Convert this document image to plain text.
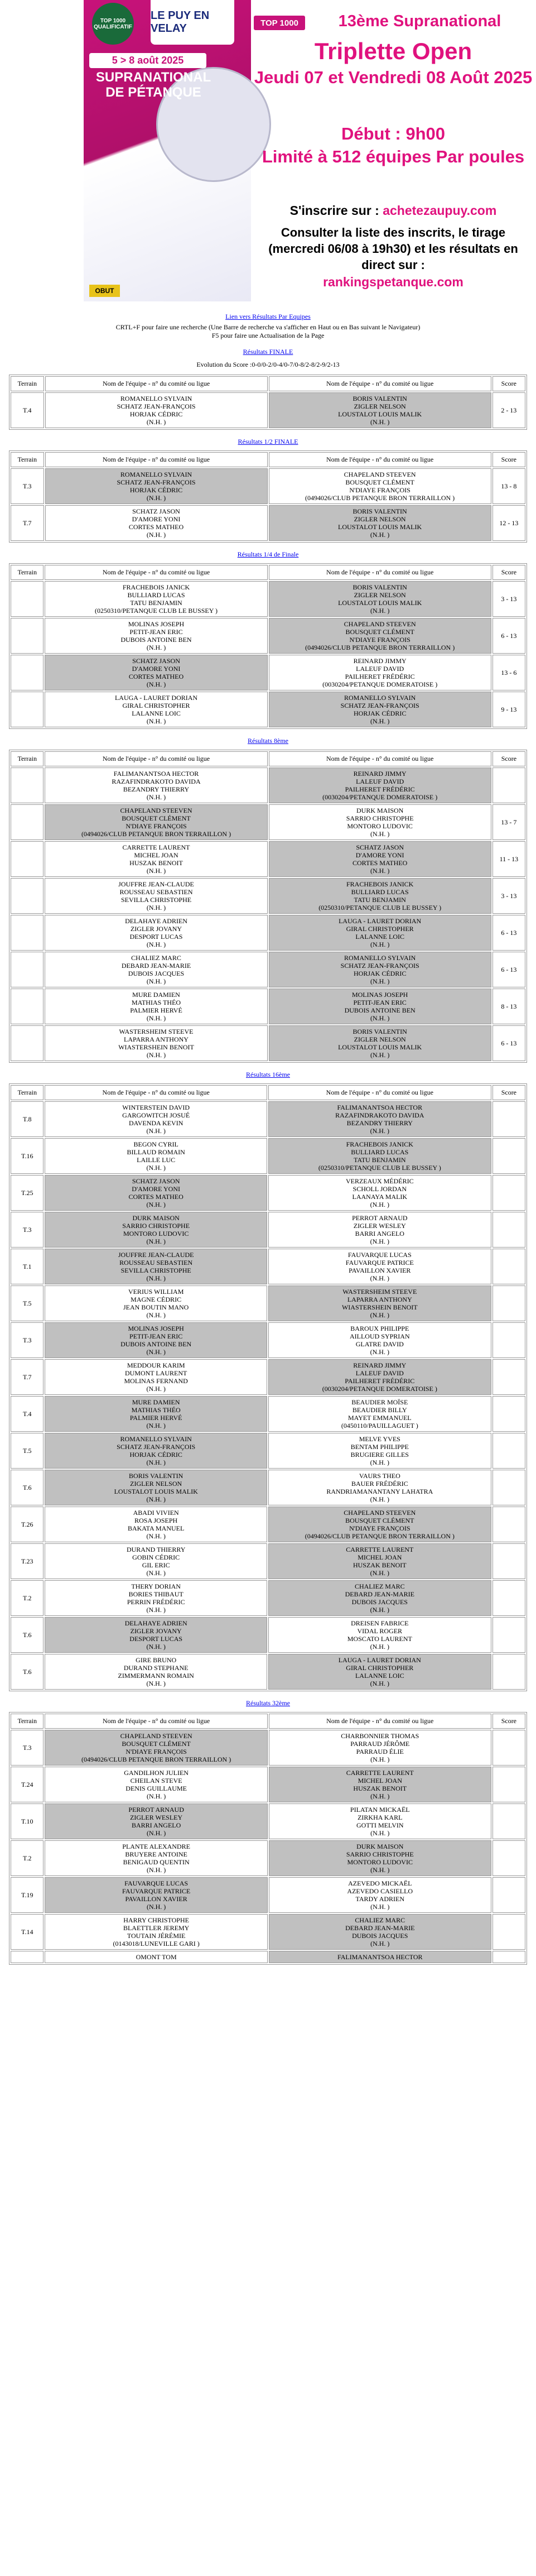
TOP 1000 QUALIFICATIF
LE PUY EN VELAY
5 > 8 août 2025
SUPRANATIONAL DE PÉTANQUE
OBUT
TOP 1000	13ème Supranational
Triplette Open
Jeudi 07 et Vendredi 08 Août 2025
Début : 9h00
Limité à 512 équipes Par poules
S'inscrire sur : achetezaupuy.com
Consulter la liste des inscrits, le tirage (mercredi 06/08 à 19h30) et les résultats en direct sur :
rankingspetanque.com

Lien vers Résultats Par Equipes

CRTL+F pour faire une recherche (Une Barre de recherche va s'afficher en Haut ou en Bas suivant le Navigateur)
F5 pour faire une Actualisation de la Page

Résultats FINALE
Evolution du Score :0-0/0-2/0-4/0-7/0-8/2-8/2-9/2-13
Terrain	Nom de l'équipe - n° du comité ou ligue	Nom de l'équipe - n° du comité ou ligue	Score
T.4	ROMANELLO SYLVAIN
SCHATZ JEAN-FRANÇOIS
HORJAK CÉDRIC
(N.H. )	BORIS VALENTIN
ZIGLER NELSON
LOUSTALOT LOUIS MALIK
(N.H. )	2 - 13
Résultats 1/2 FINALE
Terrain	Nom de l'équipe - n° du comité ou ligue	Nom de l'équipe - n° du comité ou ligue	Score
T.3	ROMANELLO SYLVAIN
SCHATZ JEAN-FRANÇOIS
HORJAK CÉDRIC
(N.H. )	CHAPELAND STEEVEN
BOUSQUET CLÉMENT
N'DIAYE FRANÇOIS
(0494026/CLUB PETANQUE BRON TERRAILLON )	13 - 8
T.7	SCHATZ JASON
D'AMORE YONI
CORTES MATHEO
(N.H. )	BORIS VALENTIN
ZIGLER NELSON
LOUSTALOT LOUIS MALIK
(N.H. )	12 - 13
Résultats 1/4 de Finale
Terrain	Nom de l'équipe - n° du comité ou ligue	Nom de l'équipe - n° du comité ou ligue	Score

	FRACHEBOIS JANICK
BULLIARD LUCAS
TATU BENJAMIN
(0250310/PETANQUE CLUB LE BUSSEY )	BORIS VALENTIN
ZIGLER NELSON
LOUSTALOT LOUIS MALIK
(N.H. )	3 - 13

	MOLINAS JOSEPH
PETIT-JEAN ERIC
DUBOIS ANTOINE BEN
(N.H. )	CHAPELAND STEEVEN
BOUSQUET CLÉMENT
N'DIAYE FRANÇOIS
(0494026/CLUB PETANQUE BRON TERRAILLON )	6 - 13

	SCHATZ JASON
D'AMORE YONI
CORTES MATHEO
(N.H. )	REINARD JIMMY
LALEUF DAVID
PAILHERET FRÉDÉRIC
(0030204/PETANQUE DOMERATOISE )	13 - 6

	LAUGA - LAURET DORIAN
GIRAL CHRISTOPHER
LALANNE LOIC
(N.H. )	ROMANELLO SYLVAIN
SCHATZ JEAN-FRANÇOIS
HORJAK CÉDRIC
(N.H. )	9 - 13
Résultats 8ème
Terrain	Nom de l'équipe - n° du comité ou ligue	Nom de l'équipe - n° du comité ou ligue	Score

	FALIMANANTSOA HECTOR
RAZAFINDRAKOTO DAVIDA
BEZANDRY THIERRY
(N.H. )	REINARD JIMMY
LALEUF DAVID
PAILHERET FRÉDÉRIC
(0030204/PETANQUE DOMERATOISE )	

	CHAPELAND STEEVEN
BOUSQUET CLÉMENT
N'DIAYE FRANÇOIS
(0494026/CLUB PETANQUE BRON TERRAILLON )	DURK MAISON
SARRIO CHRISTOPHE
MONTORO LUDOVIC
(N.H. )	13 - 7

	CARRETTE LAURENT
MICHEL JOAN
HUSZAK BENOIT
(N.H. )	SCHATZ JASON
D'AMORE YONI
CORTES MATHEO
(N.H. )	11 - 13

	JOUFFRE JEAN-CLAUDE
ROUSSEAU SEBASTIEN
SEVILLA CHRISTOPHE
(N.H. )	FRACHEBOIS JANICK
BULLIARD LUCAS
TATU BENJAMIN
(0250310/PETANQUE CLUB LE BUSSEY )	3 - 13

	DELAHAYE ADRIEN
ZIGLER JOVANY
DESPORT LUCAS
(N.H. )	LAUGA - LAURET DORIAN
GIRAL CHRISTOPHER
LALANNE LOIC
(N.H. )	6 - 13

	CHALIEZ MARC
DEBARD JEAN-MARIE
DUBOIS JACQUES
(N.H. )	ROMANELLO SYLVAIN
SCHATZ JEAN-FRANÇOIS
HORJAK CÉDRIC
(N.H. )	6 - 13

	MURE DAMIEN
MATHIAS THÉO
PALMIER HERVÉ
(N.H. )	MOLINAS JOSEPH
PETIT-JEAN ERIC
DUBOIS ANTOINE BEN
(N.H. )	8 - 13

	WASTERSHEIM STEEVE
LAPARRA ANTHONY
WIASTERSHEIN BENOIT
(N.H. )	BORIS VALENTIN
ZIGLER NELSON
LOUSTALOT LOUIS MALIK
(N.H. )	6 - 13
Résultats 16ème
Terrain	Nom de l'équipe - n° du comité ou ligue	Nom de l'équipe - n° du comité ou ligue	Score
T.8	WINTERSTEIN DAVID
GARGOWITCH JOSUÉ
DAVENDA KEVIN
(N.H. )	FALIMANANTSOA HECTOR
RAZAFINDRAKOTO DAVIDA
BEZANDRY THIERRY
(N.H. )	

T.16	BEGON CYRIL
BILLAUD ROMAIN
LAILLE LUC
(N.H. )	FRACHEBOIS JANICK
BULLIARD LUCAS
TATU BENJAMIN
(0250310/PETANQUE CLUB LE BUSSEY )	

T.25	SCHATZ JASON
D'AMORE YONI
CORTES MATHEO
(N.H. )	VERZEAUX MÉDÉRIC
SCHOLL JORDAN
LAANAYA MALIK
(N.H. )	

T.3	DURK MAISON
SARRIO CHRISTOPHE
MONTORO LUDOVIC
(N.H. )	PERROT ARNAUD
ZIGLER WESLEY
BARRI ANGELO
(N.H. )	

T.1	JOUFFRE JEAN-CLAUDE
ROUSSEAU SEBASTIEN
SEVILLA CHRISTOPHE
(N.H. )	FAUVARQUE LUCAS
FAUVARQUE PATRICE
PAVAILLON XAVIER
(N.H. )	

T.5	VERIUS WILLIAM
MAGNE CÉDRIC
JEAN BOUTIN MANO
(N.H. )	WASTERSHEIM STEEVE
LAPARRA ANTHONY
WIASTERSHEIN BENOIT
(N.H. )	

T.3	MOLINAS JOSEPH
PETIT-JEAN ERIC
DUBOIS ANTOINE BEN
(N.H. )	BAROUX PHILIPPE
AILLOUD SYPRIAN
GLATRE DAVID
(N.H. )	

T.7	MEDDOUR KARIM
DUMONT LAURENT
MOLINAS FERNAND
(N.H. )	REINARD JIMMY
LALEUF DAVID
PAILHERET FRÉDÉRIC
(0030204/PETANQUE DOMERATOISE )	

T.4	MURE DAMIEN
MATHIAS THÉO
PALMIER HERVÉ
(N.H. )	BEAUDIER MOÏSE
BEAUDIER BILLY
MAYET EMMANUEL
(0450110/PAUILLAGUET )	

T.5	ROMANELLO SYLVAIN
SCHATZ JEAN-FRANÇOIS
HORJAK CÉDRIC
(N.H. )	MELVE YVES
BENTAM PHILIPPE
BRUGIERE GILLES
(N.H. )	

T.6	BORIS VALENTIN
ZIGLER NELSON
LOUSTALOT LOUIS MALIK
(N.H. )	VAURS THEO
BAUER FRÉDÉRIC
RANDRIAMANANTANY LAHATRA
(N.H. )	

T.26	ABADI VIVIEN
ROSA JOSEPH
BAKATA MANUEL
(N.H. )	CHAPELAND STEEVEN
BOUSQUET CLÉMENT
N'DIAYE FRANÇOIS
(0494026/CLUB PETANQUE BRON TERRAILLON )	

T.23	DURAND THIERRY
GOBIN CÉDRIC
GIL ERIC
(N.H. )	CARRETTE LAURENT
MICHEL JOAN
HUSZAK BENOIT
(N.H. )	

T.2	THERY DORIAN
BORIES THIBAUT
PERRIN FRÉDÉRIC
(N.H. )	CHALIEZ MARC
DEBARD JEAN-MARIE
DUBOIS JACQUES
(N.H. )	

T.6	DELAHAYE ADRIEN
ZIGLER JOVANY
DESPORT LUCAS
(N.H. )	DREISEN FABRICE
VIDAL ROGER
MOSCATO LAURENT
(N.H. )	

T.6	GIRE BRUNO
DURAND STEPHANE
ZIMMERMANN ROMAIN
(N.H. )	LAUGA - LAURET DORIAN
GIRAL CHRISTOPHER
LALANNE LOIC
(N.H. )	

Résultats 32ème
Terrain	Nom de l'équipe - n° du comité ou ligue	Nom de l'équipe - n° du comité ou ligue	Score
T.3	CHAPELAND STEEVEN
BOUSQUET CLÉMENT
N'DIAYE FRANÇOIS
(0494026/CLUB PETANQUE BRON TERRAILLON )	CHARBONNIER THOMAS
PARRAUD JÉRÔME
PARRAUD ÉLIE
(N.H. )	

T.24	GANDILHON JULIEN
CHEILAN STEVE
DENIS GUILLAUME
(N.H. )	CARRETTE LAURENT
MICHEL JOAN
HUSZAK BENOIT
(N.H. )	

T.10	PERROT ARNAUD
ZIGLER WESLEY
BARRI ANGELO
(N.H. )	PILATAN MICKAËL
ZIRKHA KARL
GOTTI MELVIN
(N.H. )	

T.2	PLANTE ALEXANDRE
BRUYERE ANTOINE
BENIGAUD QUENTIN
(N.H. )	DURK MAISON
SARRIO CHRISTOPHE
MONTORO LUDOVIC
(N.H. )	

T.19	FAUVARQUE LUCAS
FAUVARQUE PATRICE
PAVAILLON XAVIER
(N.H. )	AZEVEDO MICKAËL
AZEVEDO CASIELLO
TARDY ADRIEN
(N.H. )	

T.14	HARRY CHRISTOPHE
BLAETTLER JEREMY
TOUTAIN JÉRÉMIE
(0143018/LUNEVILLE GARI )	CHALIEZ MARC
DEBARD JEAN-MARIE
DUBOIS JACQUES
(N.H. )	

	OMONT TOM	FALIMANANTSOA HECTOR	
